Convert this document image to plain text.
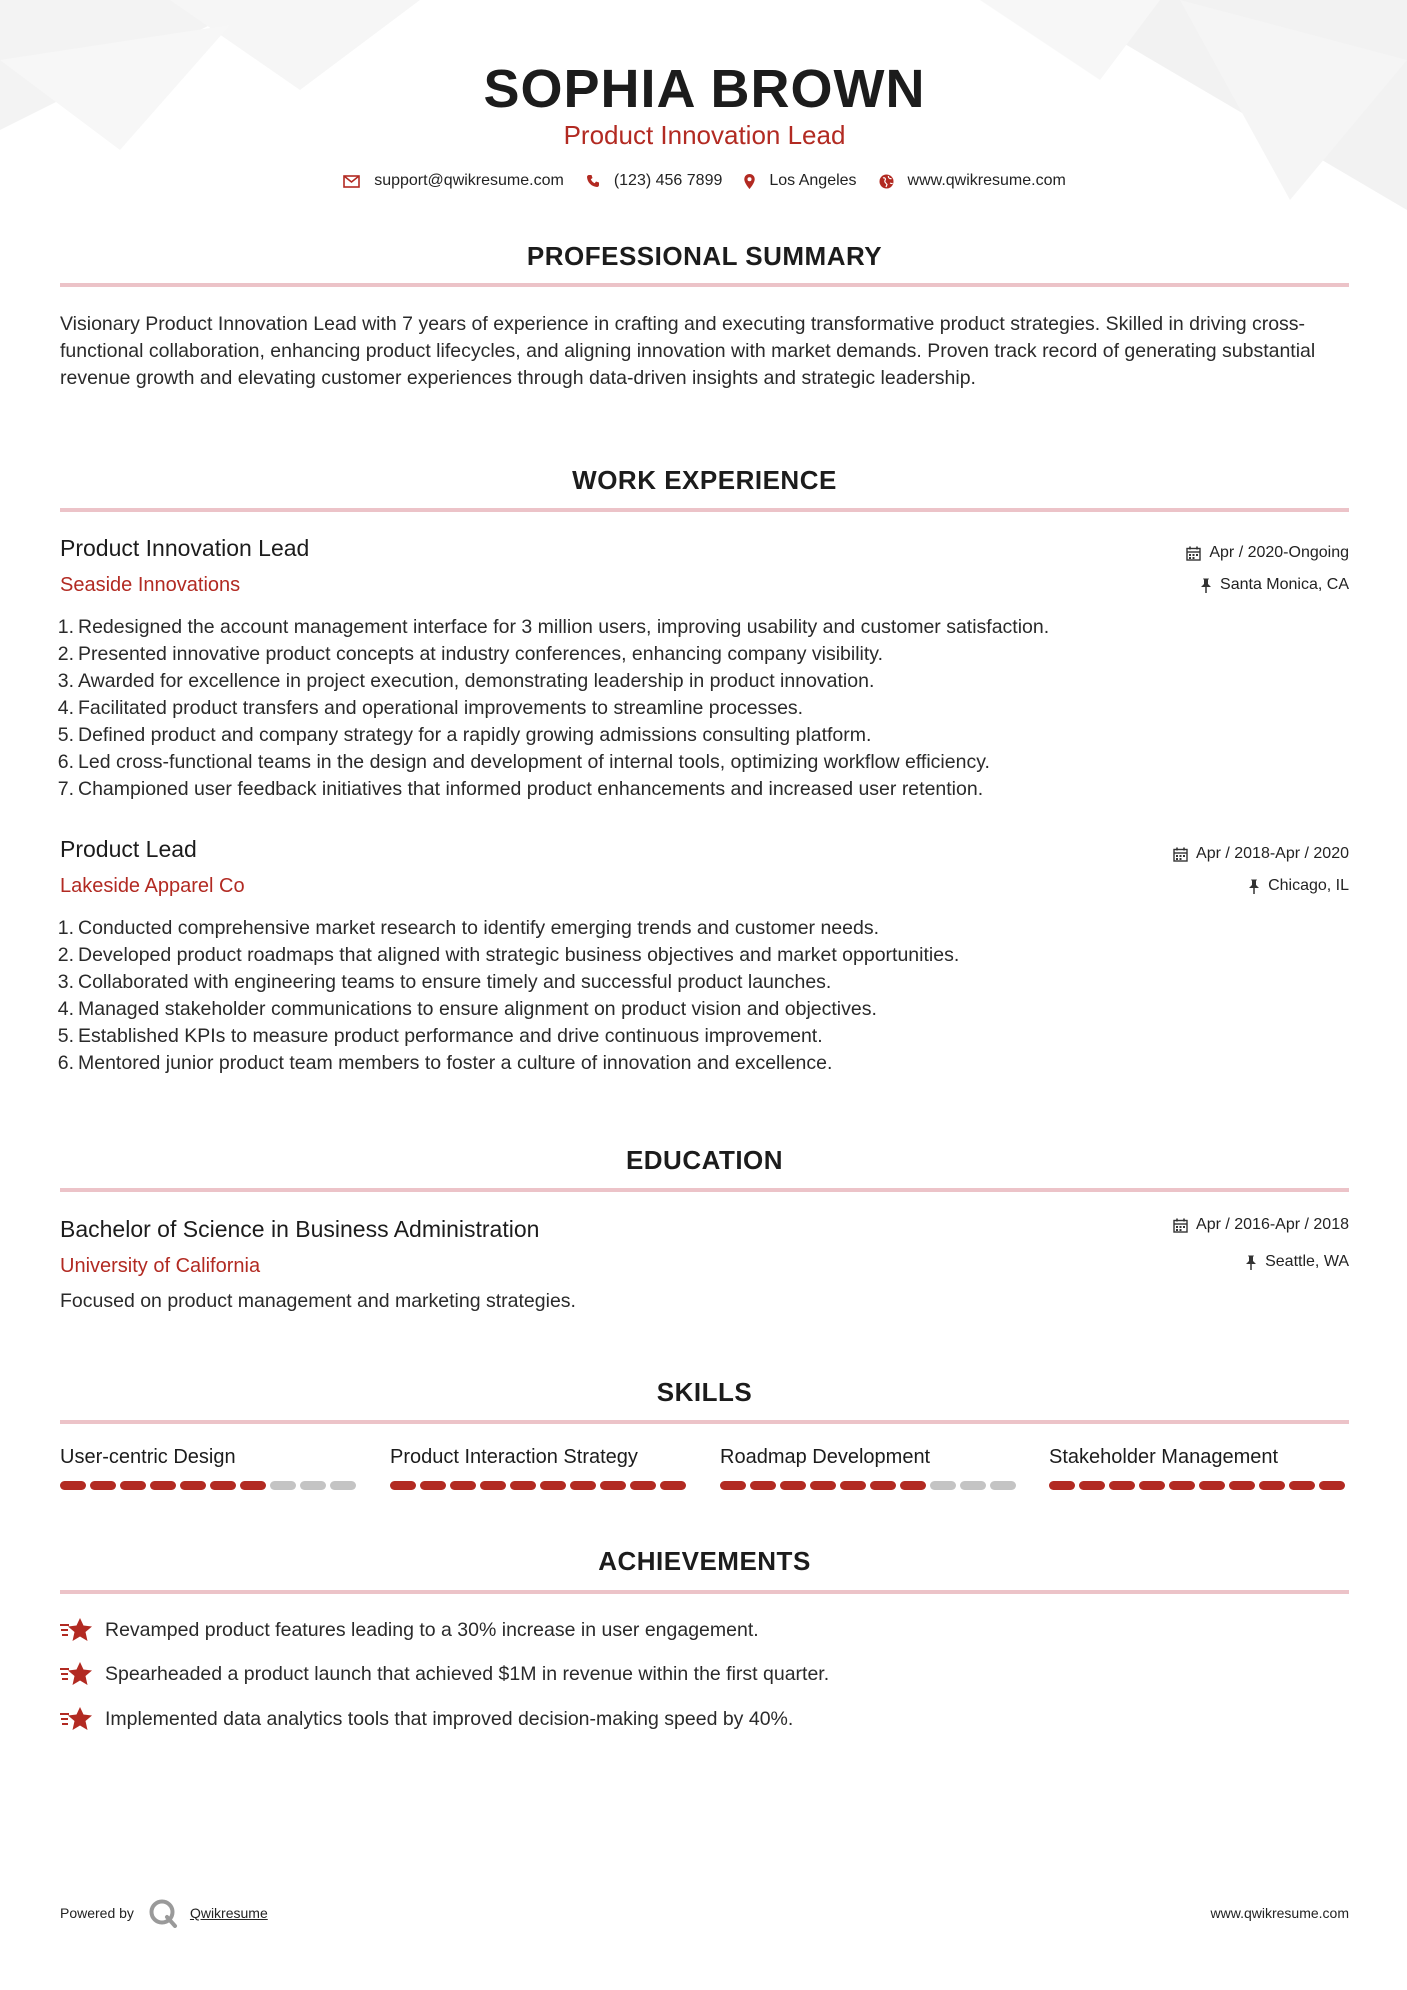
SOPHIA BROWN
Product Innovation Lead
support@qwikresume.com	(123) 456 7899	Los Angeles	www.qwikresume.com
PROFESSIONAL SUMMARY
Visionary Product Innovation Lead with 7 years of experience in crafting and executing transformative product strategies. Skilled in driving cross-functional collaboration, enhancing product lifecycles, and aligning innovation with market demands. Proven track record of generating substantial revenue growth and elevating customer experiences through data-driven insights and strategic leadership.
WORK EXPERIENCE
Product Innovation Lead
Seaside Innovations
Apr / 2020-Ongoing
Santa Monica, CA
1. Redesigned the account management interface for 3 million users, improving usability and customer satisfaction.
2. Presented innovative product concepts at industry conferences, enhancing company visibility.
3. Awarded for excellence in project execution, demonstrating leadership in product innovation.
4. Facilitated product transfers and operational improvements to streamline processes.
5. Defined product and company strategy for a rapidly growing admissions consulting platform.
6. Led cross-functional teams in the design and development of internal tools, optimizing workflow efficiency.
7. Championed user feedback initiatives that informed product enhancements and increased user retention.
Product Lead
Lakeside Apparel Co
Apr / 2018-Apr / 2020
Chicago, IL
1. Conducted comprehensive market research to identify emerging trends and customer needs.
2. Developed product roadmaps that aligned with strategic business objectives and market opportunities.
3. Collaborated with engineering teams to ensure timely and successful product launches.
4. Managed stakeholder communications to ensure alignment on product vision and objectives.
5. Established KPIs to measure product performance and drive continuous improvement.
6. Mentored junior product team members to foster a culture of innovation and excellence.
EDUCATION
Bachelor of Science in Business Administration
University of California
Apr / 2016-Apr / 2018
Seattle, WA
Focused on product management and marketing strategies.
SKILLS
User-centric Design	Product Interaction Strategy	Roadmap Development	Stakeholder Management
ACHIEVEMENTS
Revamped product features leading to a 30% increase in user engagement.
Spearheaded a product launch that achieved $1M in revenue within the first quarter.
Implemented data analytics tools that improved decision-making speed by 40%.
Powered by	Qwikresume	www.qwikresume.com
